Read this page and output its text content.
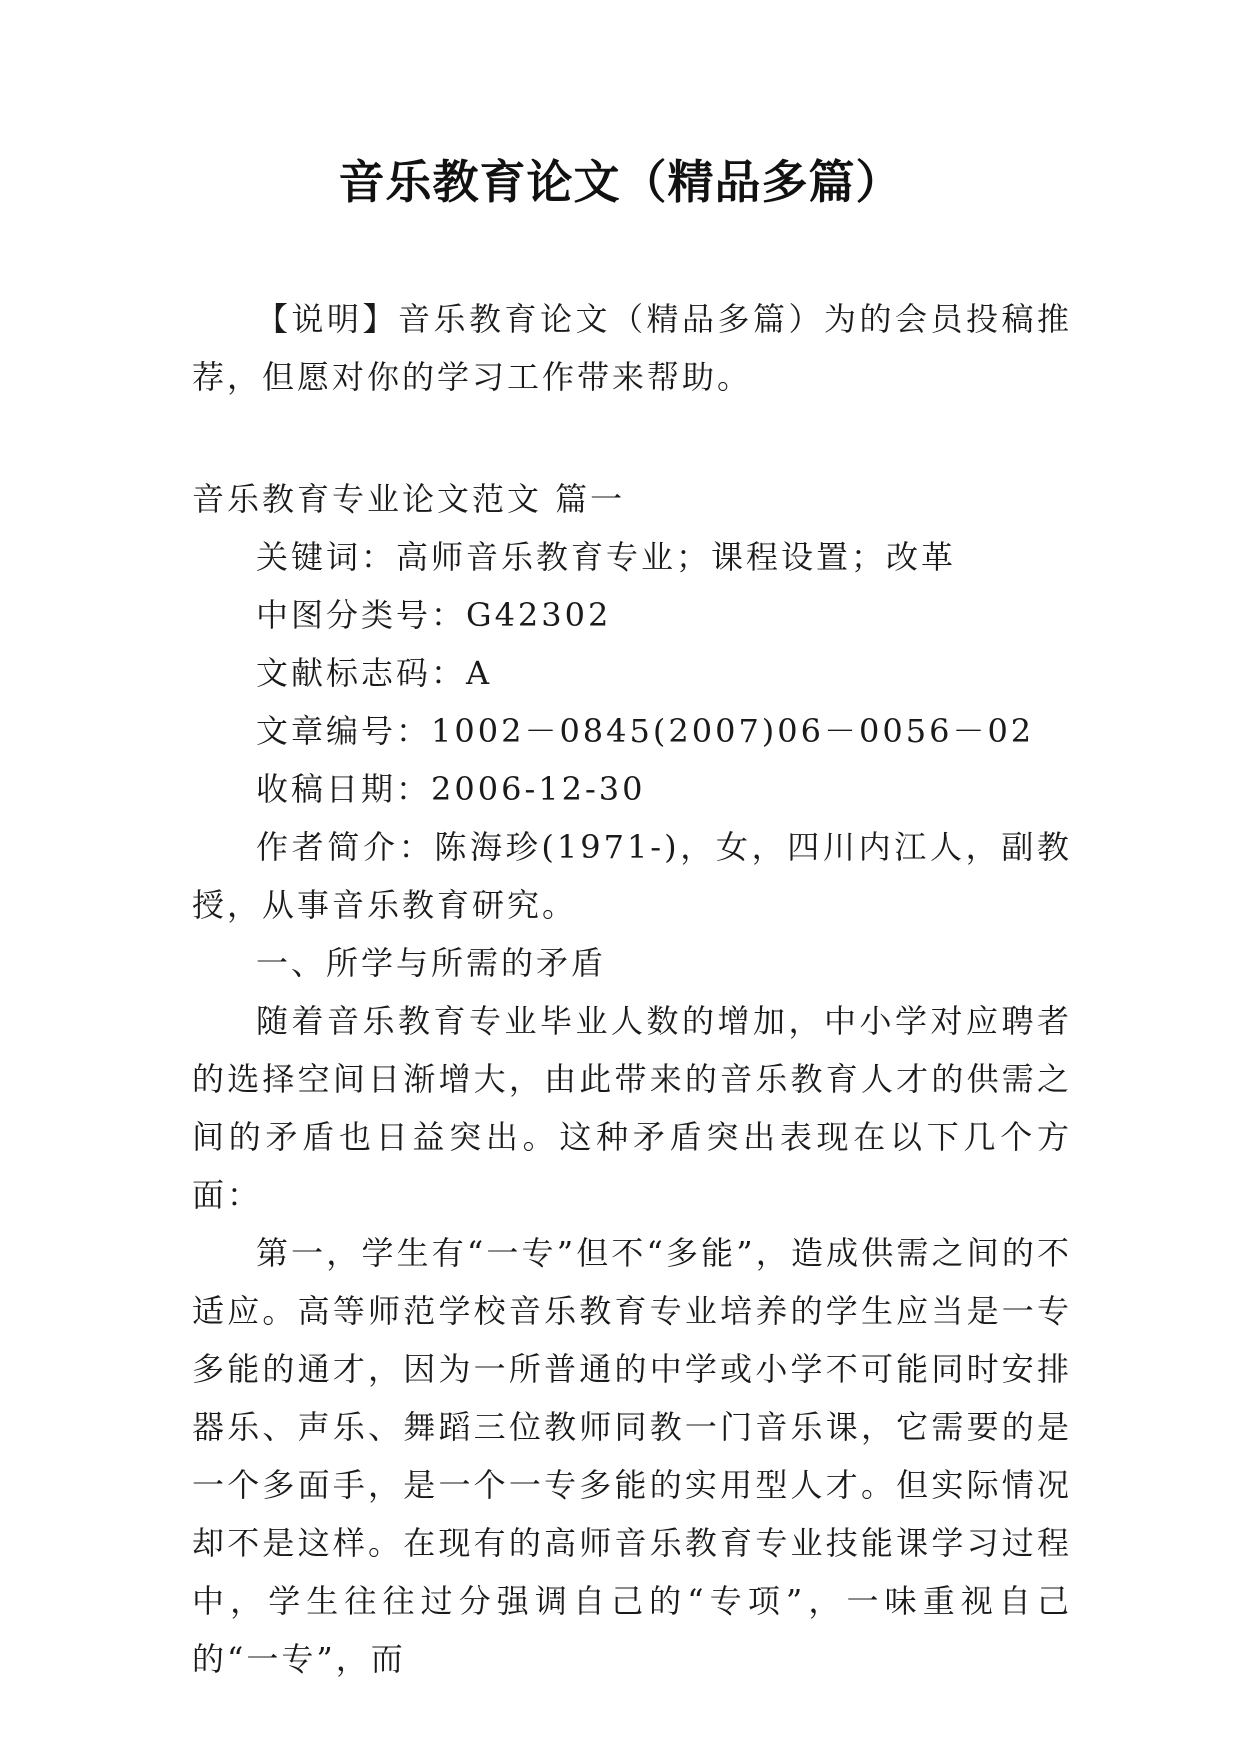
音乐教育论文（精品多篇）

【说明】音乐教育论文（精品多篇）为的会员投稿推荐，但愿对你的学习工作带来帮助。

音乐教育专业论文范文 篇一

关键词：高师音乐教育专业；课程设置；改革

中图分类号：G42302

文献标志码：A

文章编号：1002－0845(2007)06－0056－02

收稿日期：2006-12-30

作者简介：陈海珍(1971-)，女，四川内江人，副教授，从事音乐教育研究。

一、所学与所需的矛盾

随着音乐教育专业毕业人数的增加，中小学对应聘者的选择空间日渐增大，由此带来的音乐教育人才的供需之间的矛盾也日益突出。这种矛盾突出表现在以下几个方面：

第一，学生有“一专”但不“多能”，造成供需之间的不适应。高等师范学校音乐教育专业培养的学生应当是一专多能的通才，因为一所普通的中学或小学不可能同时安排器乐、声乐、舞蹈三位教师同教一门音乐课，它需要的是一个多面手，是一个一专多能的实用型人才。但实际情况却不是这样。在现有的高师音乐教育专业技能课学习过程中，学生往往过分强调自己的“专项”，一味重视自己的“一专”，而
